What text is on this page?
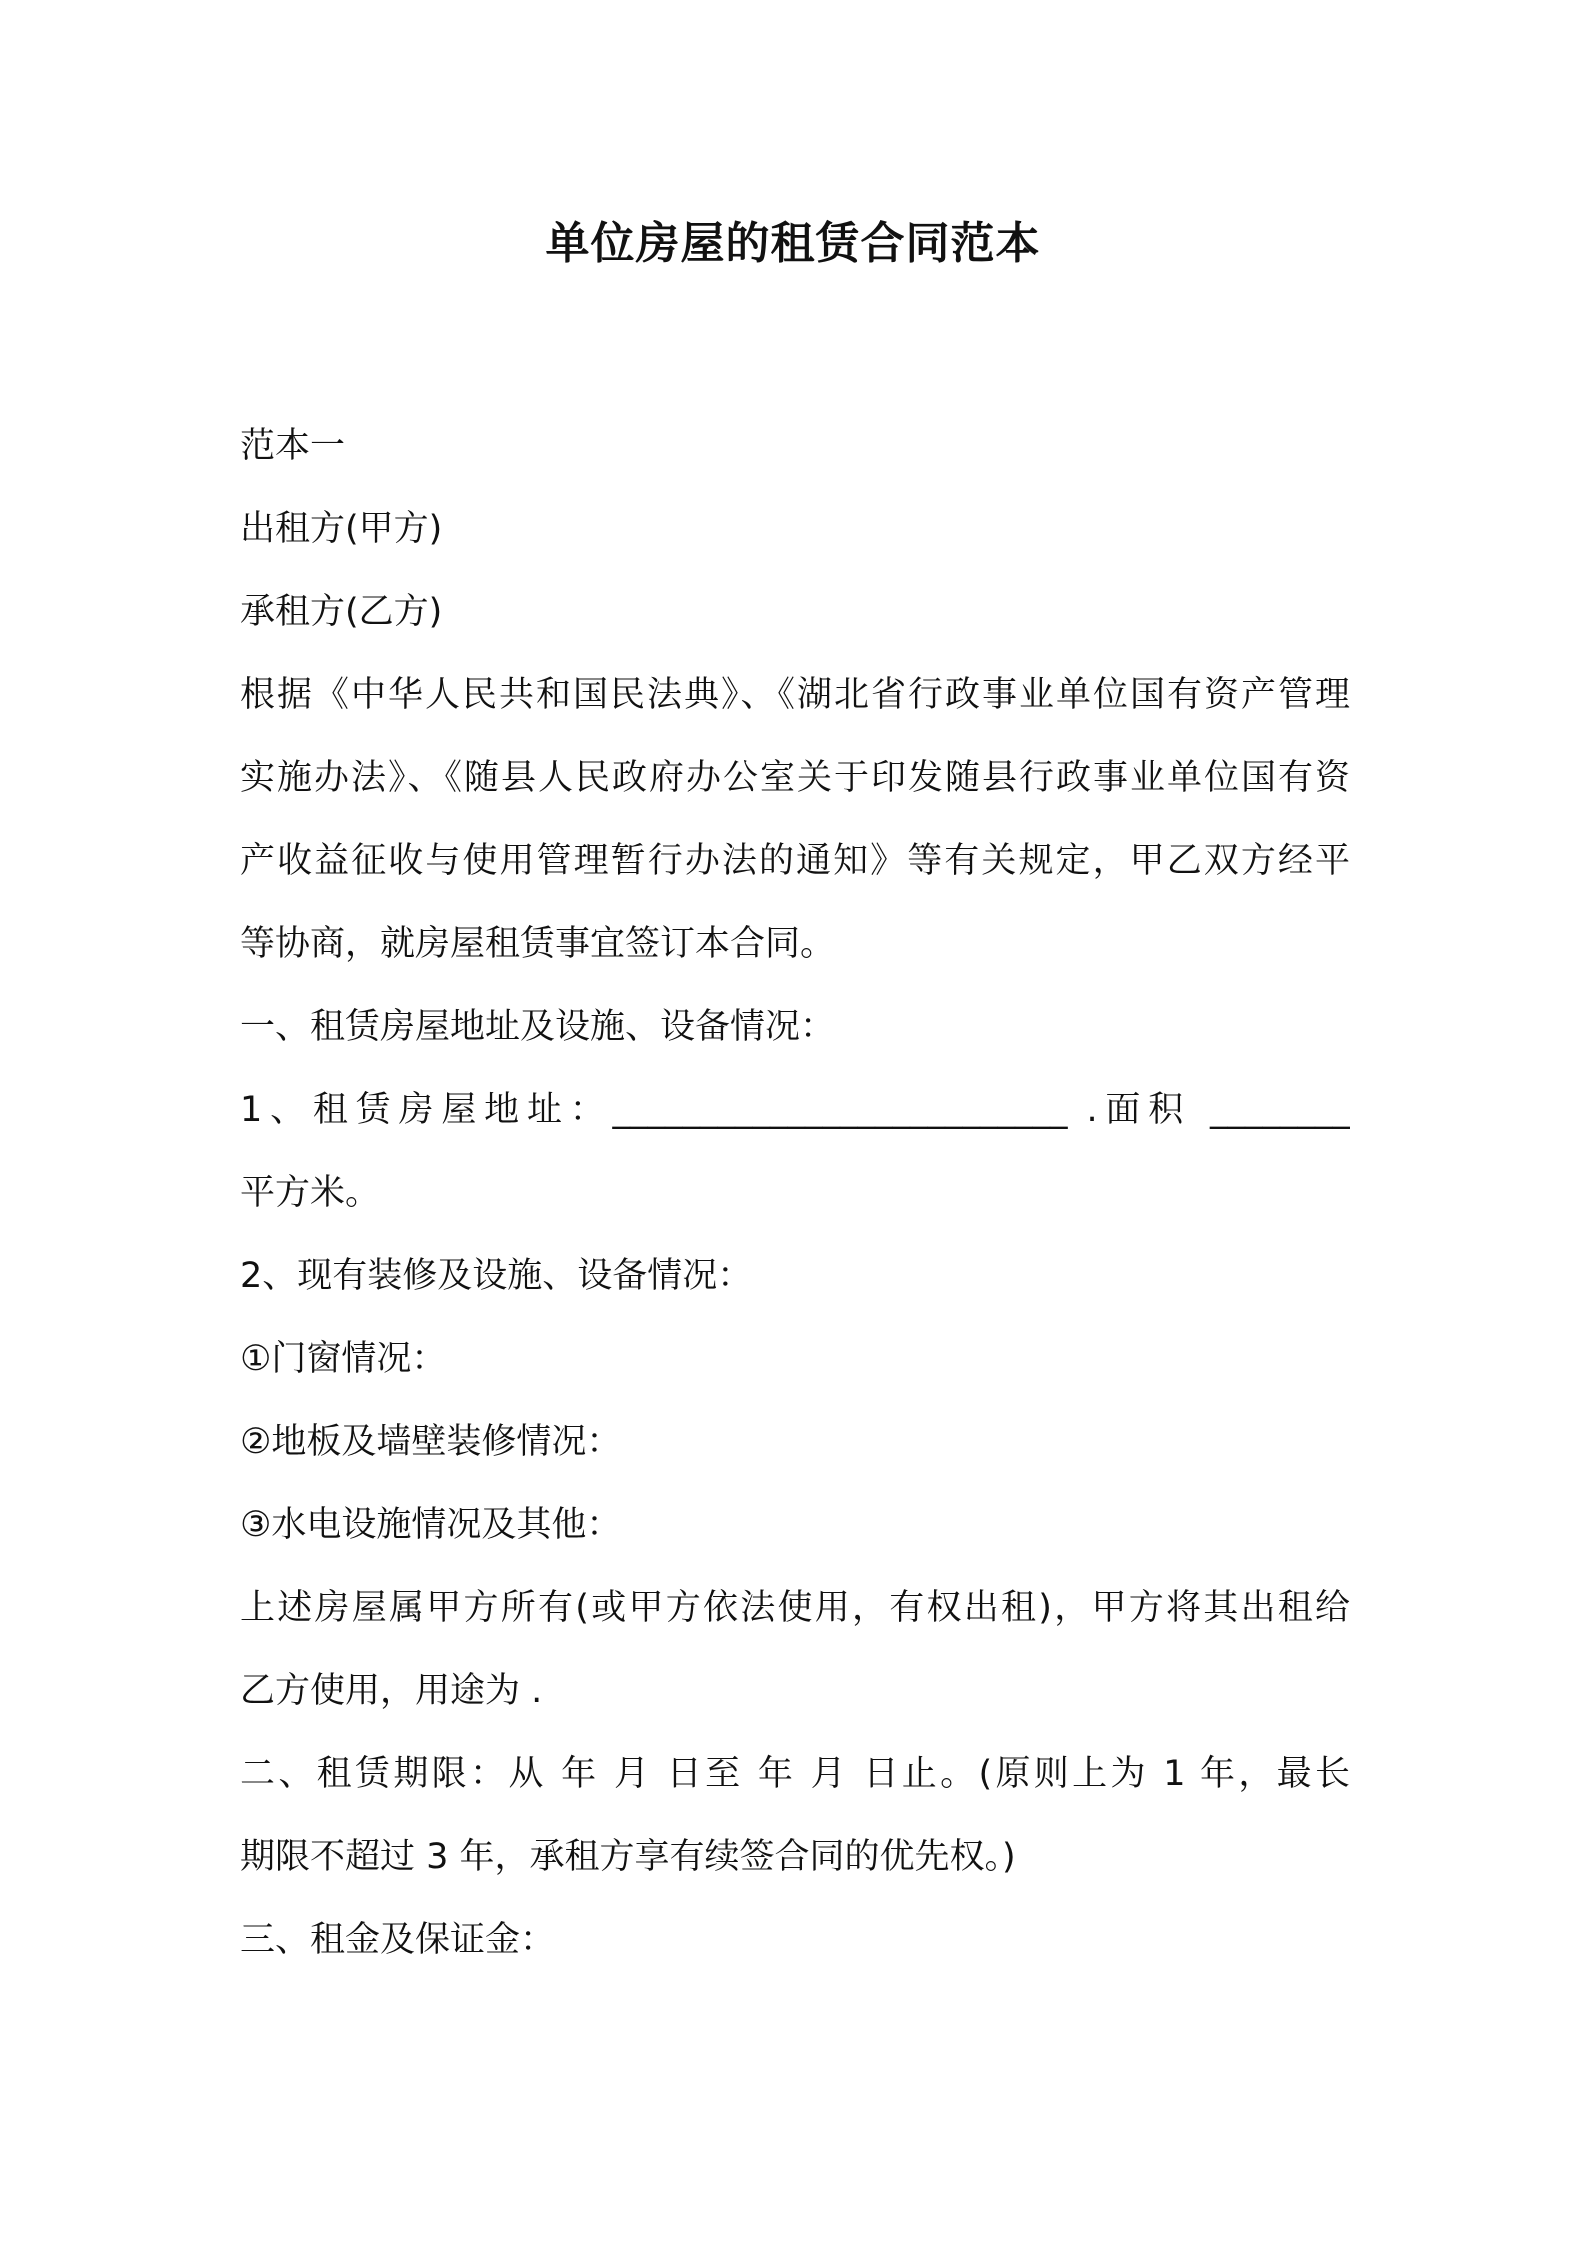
单位房屋的租赁合同范本
范本一
出租方(甲方)
承租方(乙方)
根据《中华人民共和国民法典》、《湖北省行政事业单位国有资产管理
实施办法》、《随县人民政府办公室关于印发随县行政事业单位国有资
产收益征收与使用管理暂行办法的通知》等有关规定，甲乙双方经平
等协商，就房屋租赁事宜签订本合同。
一、租赁房屋地址及设施、设备情况：
1、租赁房屋地址：__________________________ .面积 ________
平方米。
2、现有装修及设施、设备情况：
①门窗情况：
②地板及墙壁装修情况：
③水电设施情况及其他：
上述房屋属甲方所有(或甲方依法使用，有权出租)，甲方将其出租给
乙方使用，用途为 .
二、租赁期限：从 年 月 日至 年 月 日止。(原则上为 1 年，最长
期限不超过 3 年，承租方享有续签合同的优先权。)
三、租金及保证金：
